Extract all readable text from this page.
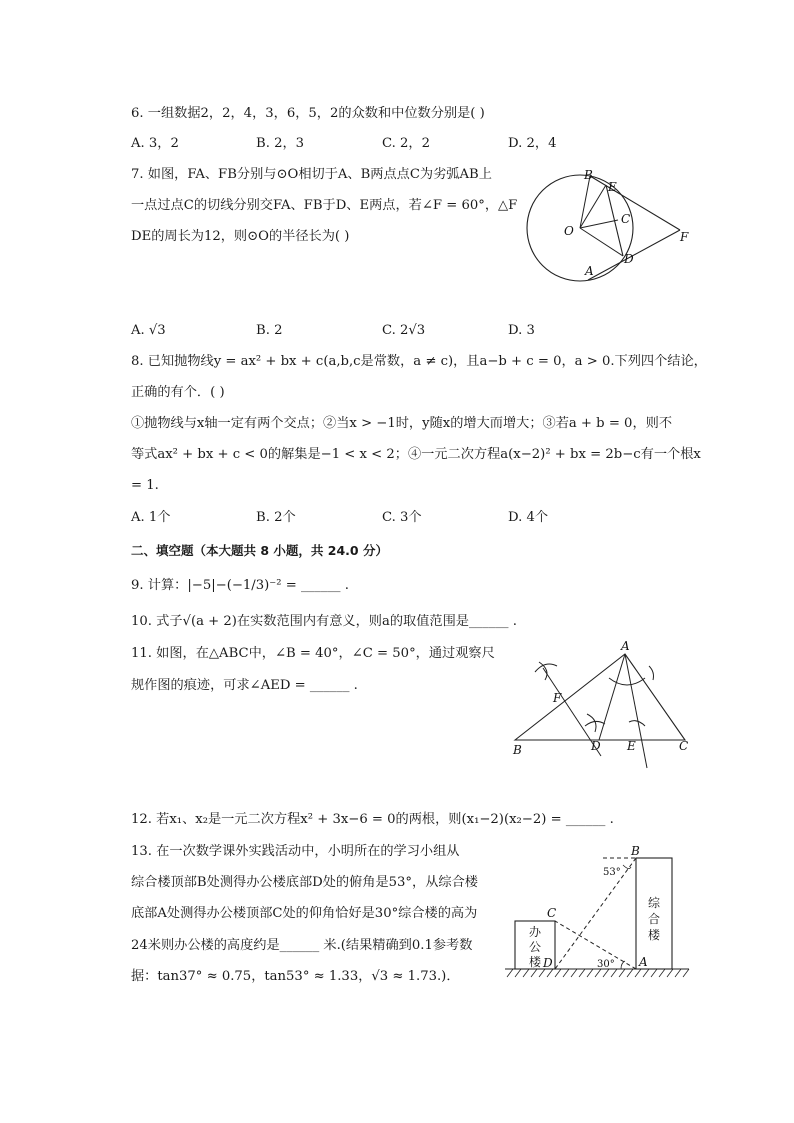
6. 一组数据2，2，4，3，6，5，2的众数和中位数分别是( )
A. 3，2	B. 2，3	C. 2，2	D. 2，4
7. 如图，FA、FB分别与⊙O相切于A、B两点点C为劣弧AB上
一点过点C的切线分别交FA、FB于D、E两点，若∠F = 60°，△F
DE的周长为12，则⊙O的半径长为( )
B
E
C
O	F
D
A
A. √3	B. 2	C. 2√3	D. 3
8. 已知抛物线y = ax² + bx + c(a,b,c是常数，a ≠ c)，且a−b + c = 0，a > 0.下列四个结论，
正确的有个．( )
①抛物线与x轴一定有两个交点；②当x > −1时，y随x的增大而增大；③若a + b = 0，则不
等式ax² + bx + c < 0的解集是−1 < x < 2；④一元二次方程a(x−2)² + bx = 2b−c有一个根x
= 1.
A. 1个	B. 2个	C. 3个	D. 4个
二、填空题（本大题共 8 小题，共 24.0 分）
9. 计算：|−5|−(−1/3)⁻² = ______ .
10. 式子√(a + 2)在实数范围内有意义，则a的取值范围是______ .
11. 如图，在△ABC中，∠B = 40°，∠C = 50°，通过观察尺
规作图的痕迹，可求∠AED = ______ .
A
F
B	D E	C
12. 若x₁、x₂是一元二次方程x² + 3x−6 = 0的两根，则(x₁−2)(x₂−2) = ______ .
13. 在一次数学课外实践活动中，小明所在的学习小组从
综合楼顶部B处测得办公楼底部D处的俯角是53°，从综合楼
底部A处测得办公楼顶部C处的仰角恰好是30°综合楼的高为
24米则办公楼的高度约是______ 米.(结果精确到0.1参考数
据：tan37° ≈ 0.75，tan53° ≈ 1.33，√3 ≈ 1.73.)．
办
公
楼
综
合
楼
53°
30°
B
C
D	A
